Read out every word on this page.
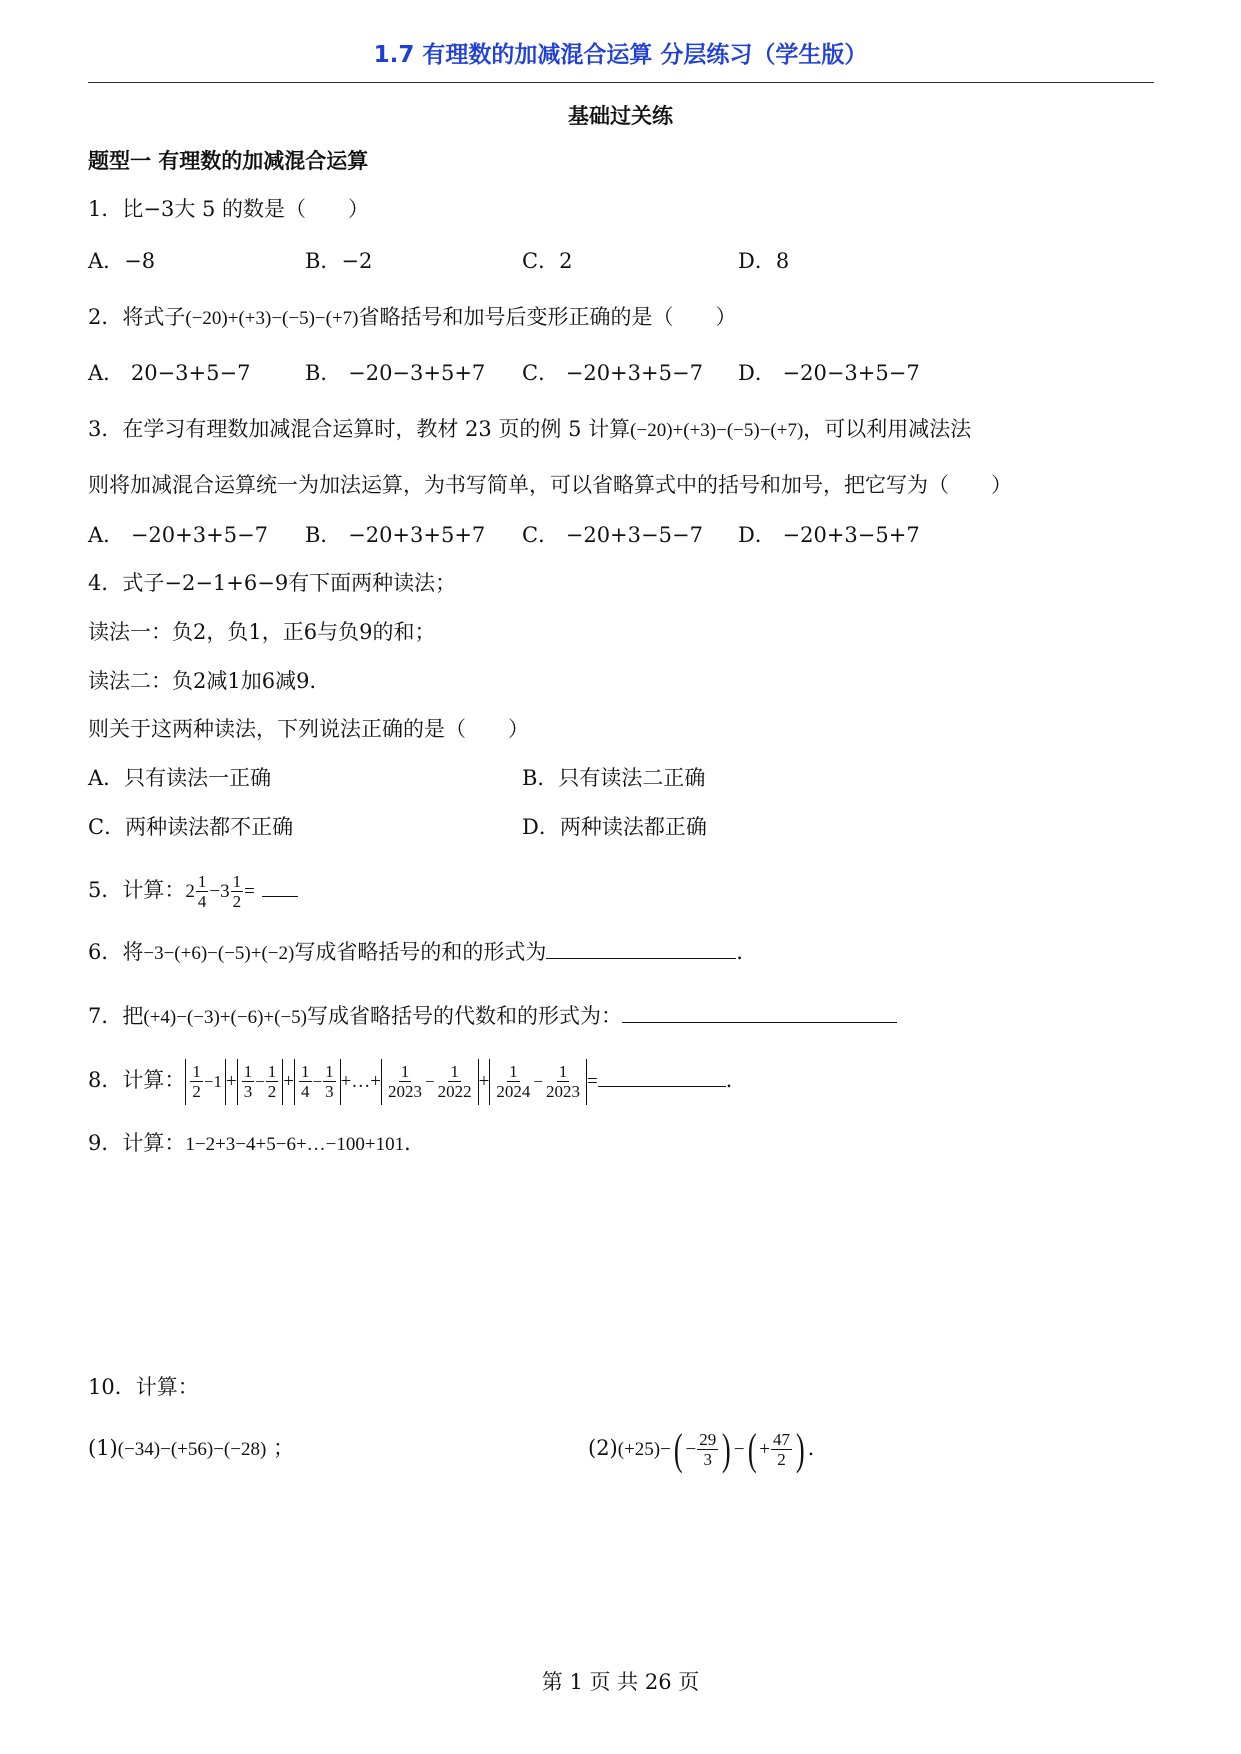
1.7 有理数的加减混合运算 分层练习（学生版）
基础过关练
题型一 有理数的加减混合运算
1．比−3大 5 的数是（　　）
A．−8	B．−2	C．2	D．8
2．将式子(−20)+(+3)−(−5)−(+7)省略括号和加号后变形正确的是（　　）
A． 20−3+5−7	B． −20−3+5+7 C． −20+3+5−7 D． −20−3+5−7
3．在学习有理数加减混合运算时，教材 23 页的例 5 计算(−20)+(+3)−(−5)−(+7)，可以利用减法法
则将加减混合运算统一为加法运算，为书写简单，可以省略算式中的括号和加号，把它写为（　　）
A． −20+3+5−7 B． −20+3+5+7 C． −20+3−5−7 D． −20+3−5+7
4．式子−2−1+6−9有下面两种读法；
读法一：负2，负1，正6与负9的和；
读法二：负2减1加6减9．
则关于这两种读法，下列说法正确的是（　　）
A．只有读法一正确	B．只有读法二正确
C．两种读法都不正确	D．两种读法都正确
5．计算：$2 \frac{1}{4} -3 \frac{1}{2}$ =
6．将−3−(+6)−(−5)+(−2)写成省略括号的和的形式为	．
7．把(+4)−(−3)+(−6)+(−5)写成省略括号的代数和的形式为：
8．计算： $\frac{1}{2} -1 + \frac{1}{3} - \frac{1}{2} + \frac{1}{4} - \frac{1}{3}$ +…+ $\frac{1}{2023} - \frac{1}{2022} + \frac{1}{2024} - \frac{1}{2023}$ =	.
9．计算：1−2+3−4+5−6+…−100+101．
10．计算：
(1)(−34)−(+56)−(−28) ；	(2)(+25)− ( − $\frac{29}{3}$ ) − ( + $\frac{47}{2}$ ) .
第 1 页 共 26 页
